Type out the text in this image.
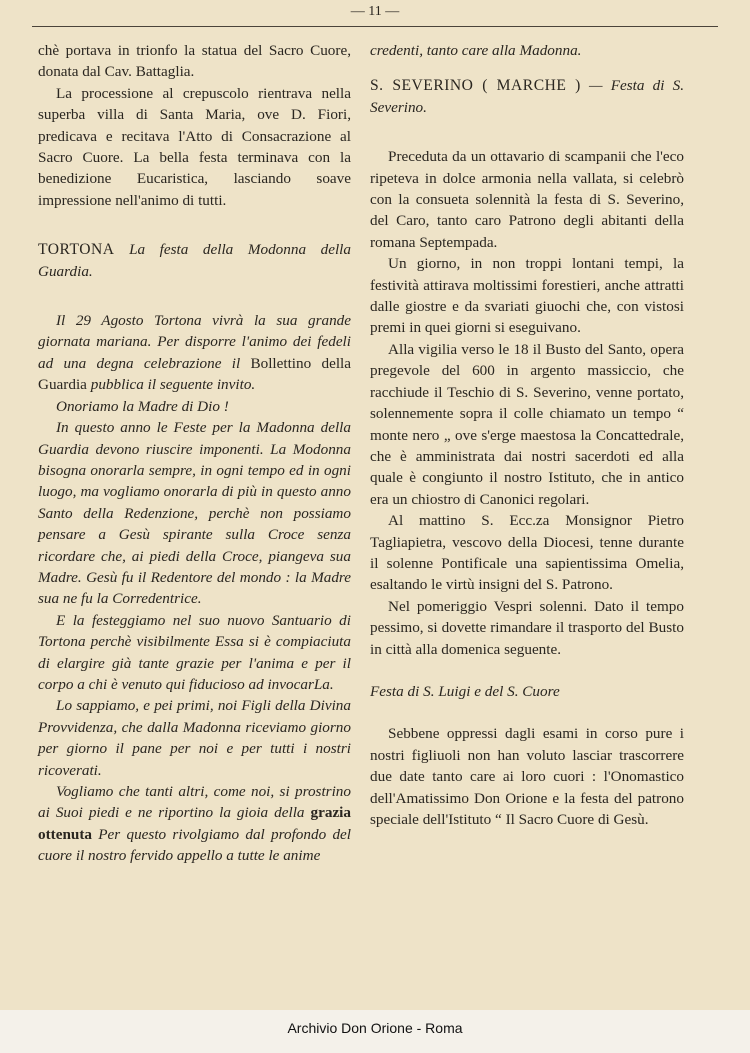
— 11 —

chè portava in trionfo la statua del Sacro Cuore, donata dal Cav. Battaglia.

La processione al crepuscolo rientrava nella superba villa di Santa Maria, ove D. Fiori, predicava e recitava l'Atto di Consacrazione al Sacro Cuore. La bella festa terminava con la benedizione Eucaristica, lasciando soave impressione nell'animo di tutti.

TORTONA La festa della Modonna della Guardia.

Il 29 Agosto Tortona vivrà la sua grande giornata mariana. Per disporre l'animo dei fedeli ad una degna celebrazione il Bollettino della Guardia pubblica il seguente invito.

Onoriamo la Madre di Dio !

In questo anno le Feste per la Madonna della Guardia devono riuscire imponenti. La Modonna bisogna onorarla sempre, in ogni tempo ed in ogni luogo, ma vogliamo onorarla di più in questo anno Santo della Redenzione, perchè non possiamo pensare a Gesù spirante sulla Croce senza ricordare che, ai piedi della Croce, piangeva sua Madre. Gesù fu il Redentore del mondo : la Madre sua ne fu la Corredentrice.

E la festeggiamo nel suo nuovo Santuario di Tortona perchè visibilmente Essa si è compiaciuta di elargire già tante grazie per l'anima e per il corpo a chi è venuto qui fiducioso ad invocarLa.

Lo sappiamo, e pei primi, noi Figli della Divina Provvidenza, che dalla Madonna riceviamo giorno per giorno il pane per noi e per tutti i nostri ricoverati.

Vogliamo che tanti altri, come noi, si prostrino ai Suoi piedi e ne riportino la gioia della grazia ottenuta Per questo rivolgiamo dal profondo del cuore il nostro fervido appello a tutte le anime

credenti, tanto care alla Madonna.

S. SEVERINO ( MARCHE ) — Festa di S. Severino.

Preceduta da un ottavario di scampanii che l'eco ripeteva in dolce armonia nella vallata, si celebrò con la consueta solennità la festa di S. Severino, del Caro, tanto caro Patrono degli abitanti della romana Septempada.

Un giorno, in non troppi lontani tempi, la festività attirava moltissimi forestieri, anche attratti dalle giostre e da svariati giuochi che, con vistosi premi in quei giorni si eseguivano.

Alla vigilia verso le 18 il Busto del Santo, opera pregevole del 600 in argento massiccio, che racchiude il Teschio di S. Severino, venne portato, solennemente sopra il colle chiamato un tempo “ monte nero „ ove s'erge maestosa la Concattedrale, che è amministrata dai nostri sacerdoti ed alla quale è congiunto il nostro Istituto, che in antico era un chiostro di Canonici regolari.

Al mattino S. Ecc.za Monsignor Pietro Tagliapietra, vescovo della Diocesi, tenne durante il solenne Pontificale una sapientissima Omelia, esaltando le virtù insigni del S. Patrono.

Nel pomeriggio Vespri solenni. Dato il tempo pessimo, si dovette rimandare il trasporto del Busto in città alla domenica seguente.

Festa di S. Luigi e del S. Cuore

Sebbene oppressi dagli esami in corso pure i nostri figliuoli non han voluto lasciar trascorrere due date tanto care ai loro cuori : l'Onomastico dell'Amatissimo Don Orione e la festa del patrono speciale dell'Istituto “ Il Sacro Cuore di Gesù.

Archivio Don Orione - Roma
